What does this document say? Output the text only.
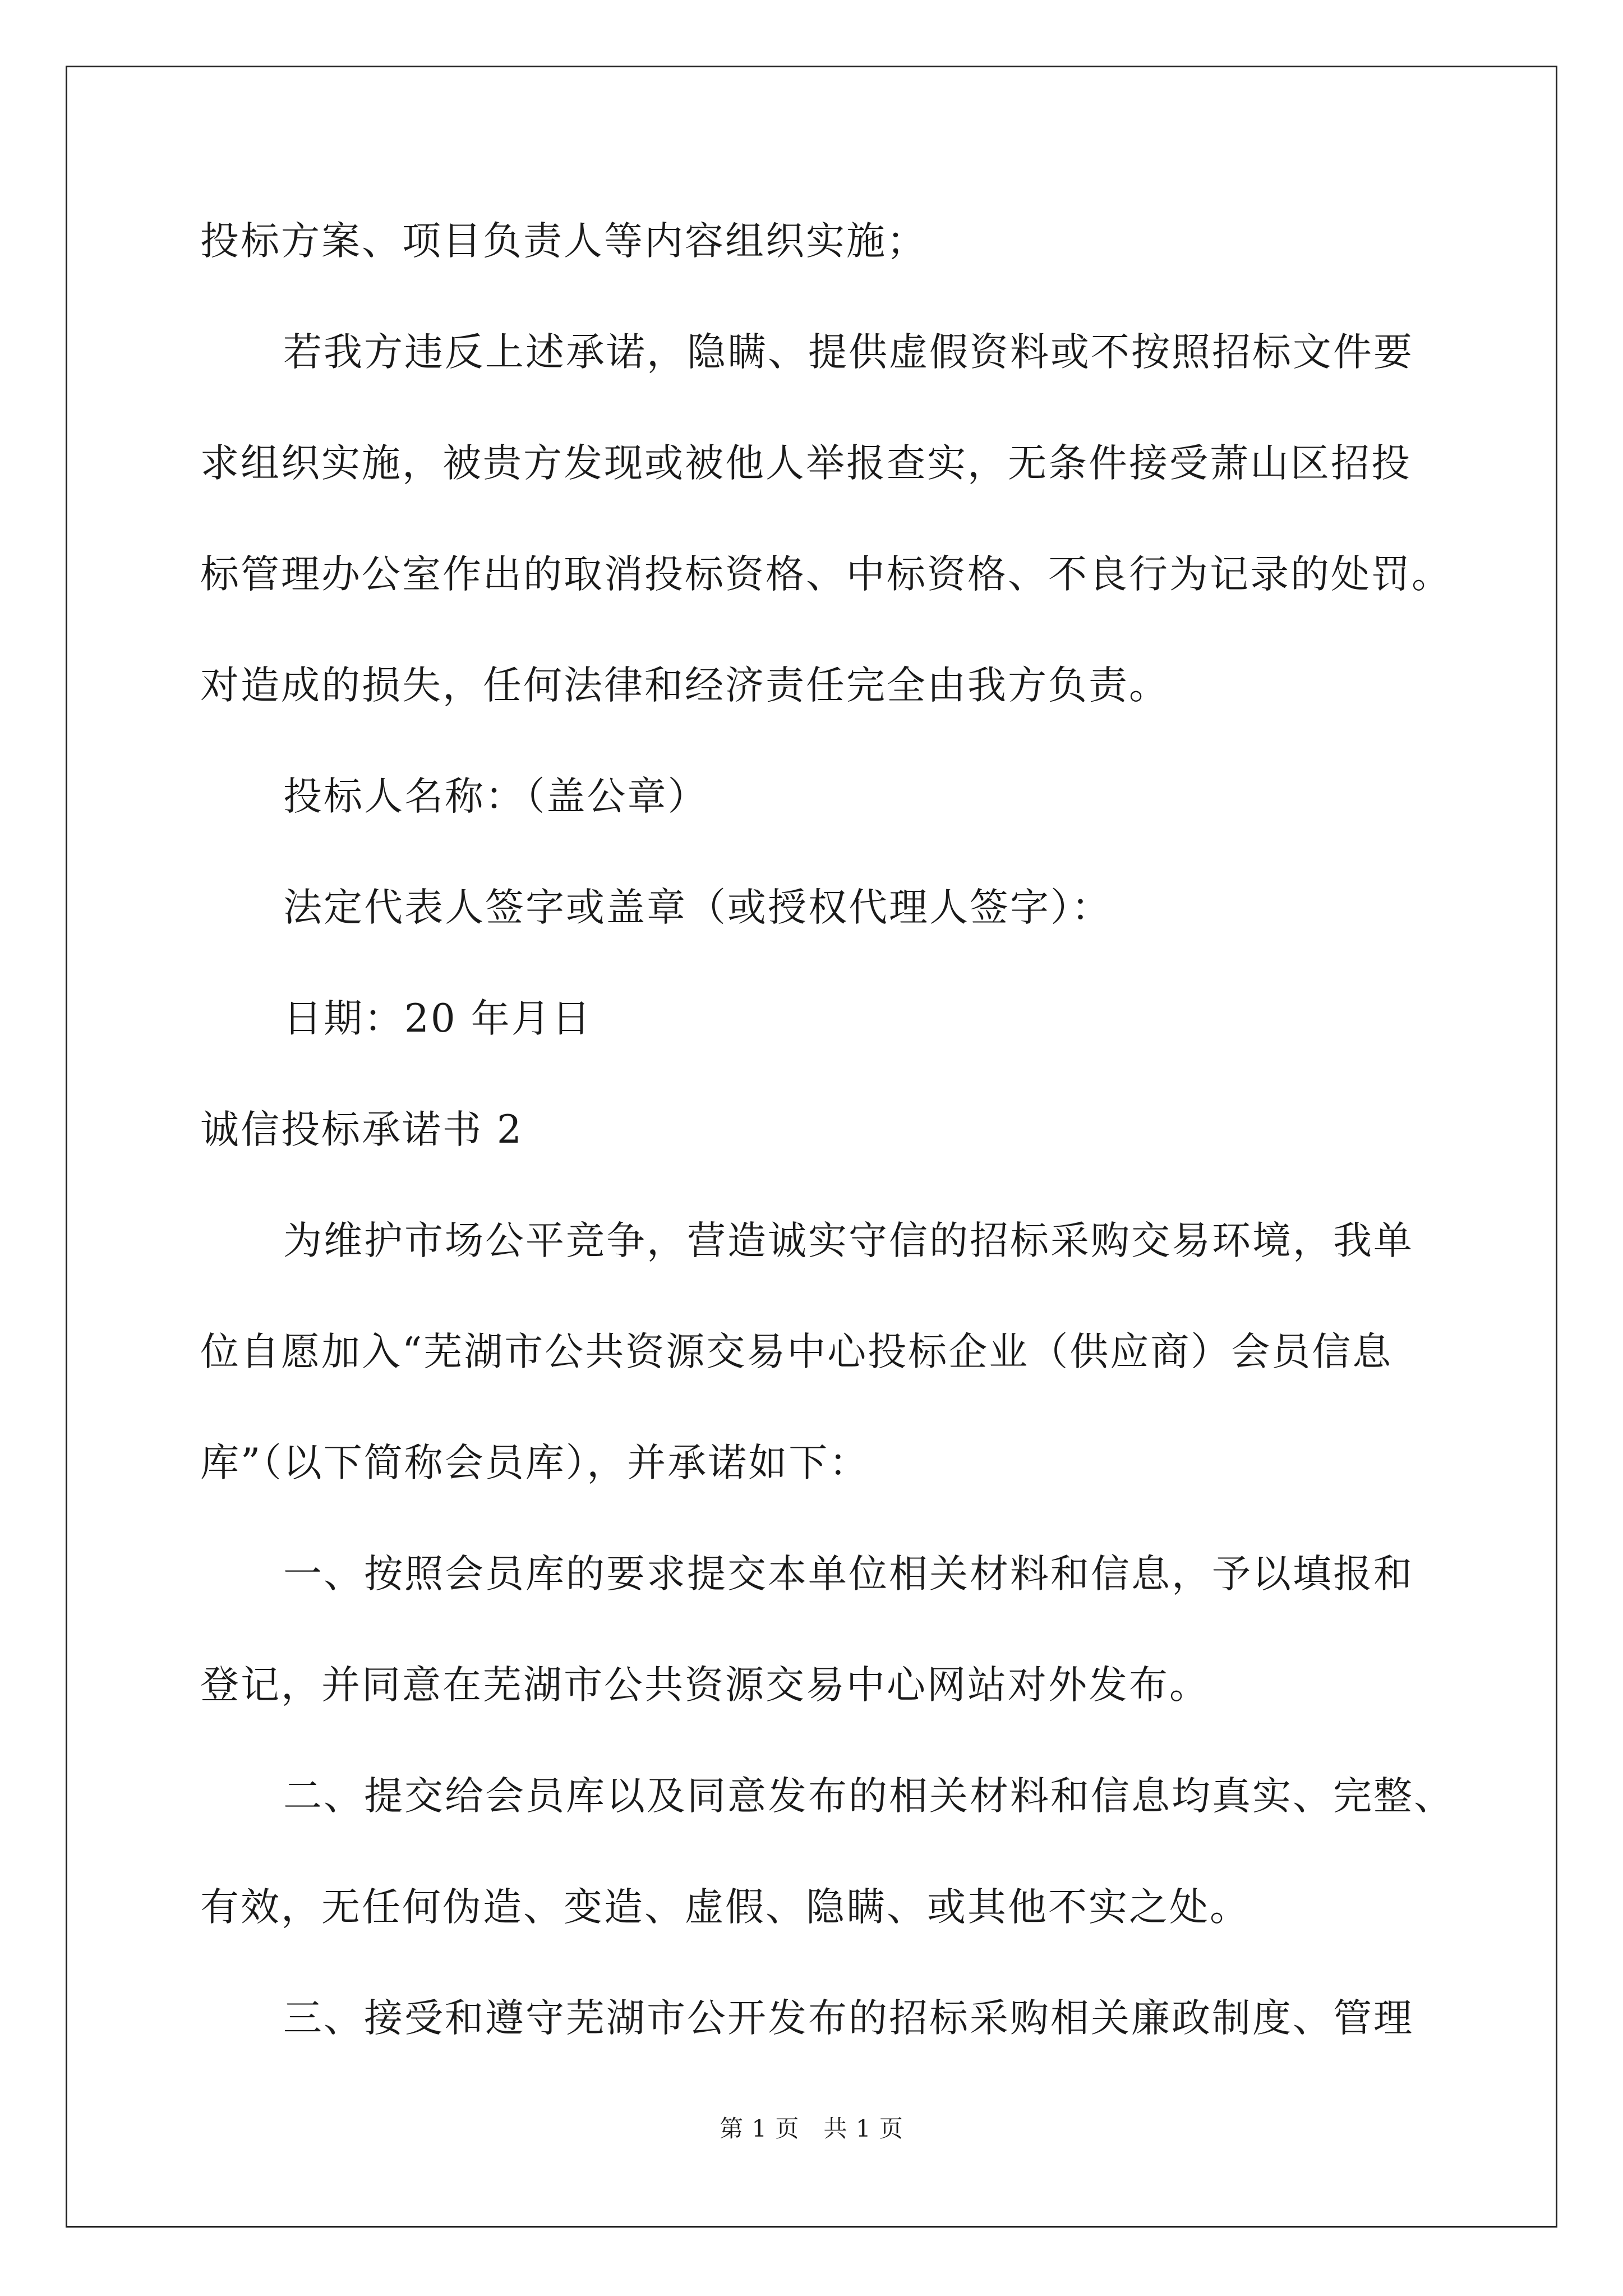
投标方案、项目负责人等内容组织实施；
若我方违反上述承诺，隐瞒、提供虚假资料或不按照招标文件要
求组织实施，被贵方发现或被他人举报查实，无条件接受萧山区招投
标管理办公室作出的取消投标资格、中标资格、不良行为记录的处罚。
对造成的损失，任何法律和经济责任完全由我方负责。
投标人名称：（盖公章）
法定代表人签字或盖章（或授权代理人签字）：
日期：20 年月日
诚信投标承诺书 2
为维护市场公平竞争，营造诚实守信的招标采购交易环境，我单
位自愿加入“芜湖市公共资源交易中心投标企业（供应商）会员信息
库”（以下简称会员库），并承诺如下：
一、按照会员库的要求提交本单位相关材料和信息，予以填报和
登记，并同意在芜湖市公共资源交易中心网站对外发布。
二、提交给会员库以及同意发布的相关材料和信息均真实、完整、
有效，无任何伪造、变造、虚假、隐瞒、或其他不实之处。
三、接受和遵守芜湖市公开发布的招标采购相关廉政制度、管理
第 1 页　共 1 页
